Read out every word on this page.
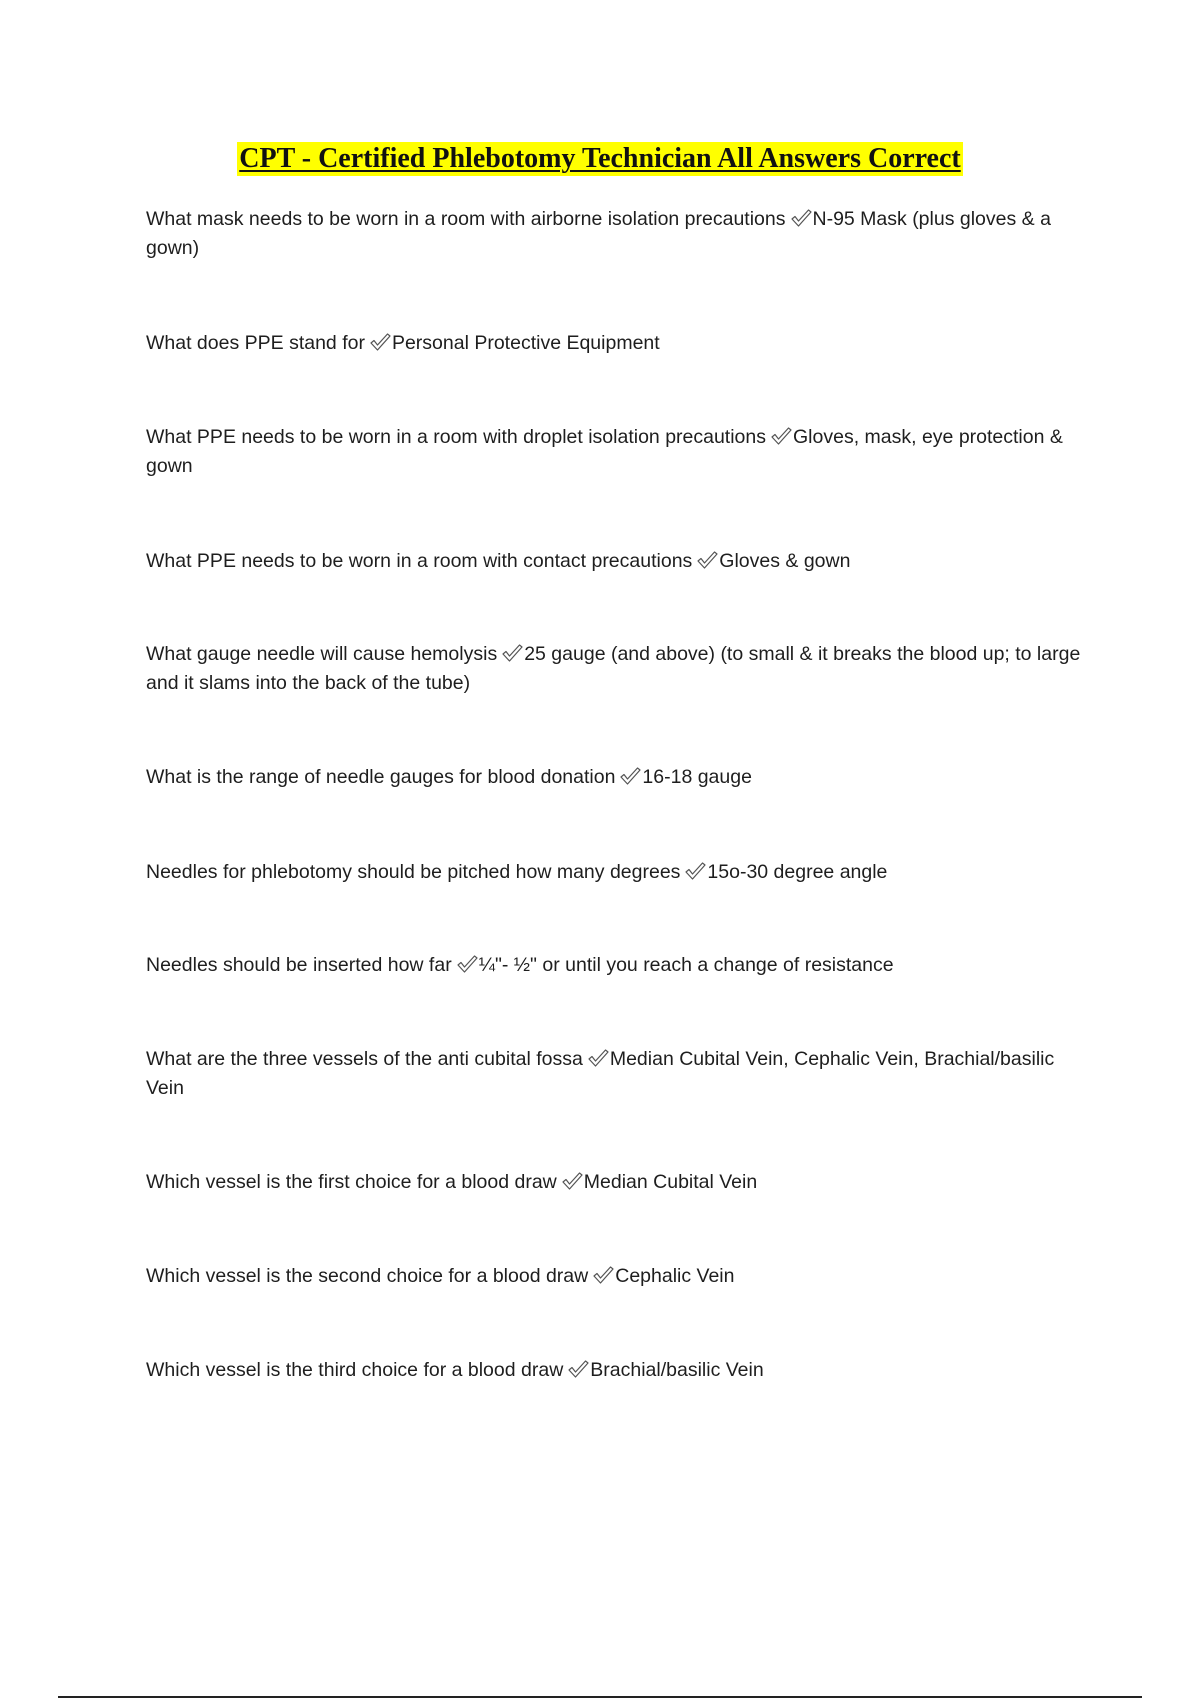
CPT - Certified Phlebotomy Technician All Answers Correct
What mask needs to be worn in a room with airborne isolation precautions N-95 Mask (plus gloves & a gown)
What does PPE stand for Personal Protective Equipment
What PPE needs to be worn in a room with droplet isolation precautions Gloves, mask, eye protection & gown
What PPE needs to be worn in a room with contact precautions Gloves & gown
What gauge needle will cause hemolysis 25 gauge (and above) (to small & it breaks the blood up; to large and it slams into the back of the tube)
What is the range of needle gauges for blood donation 16-18 gauge
Needles for phlebotomy should be pitched how many degrees 15o-30 degree angle
Needles should be inserted how far ¼"- ½" or until you reach a change of resistance
What are the three vessels of the anti cubital fossa Median Cubital Vein, Cephalic Vein, Brachial/basilic Vein
Which vessel is the first choice for a blood draw Median Cubital Vein
Which vessel is the second choice for a blood draw Cephalic Vein
Which vessel is the third choice for a blood draw Brachial/basilic Vein
